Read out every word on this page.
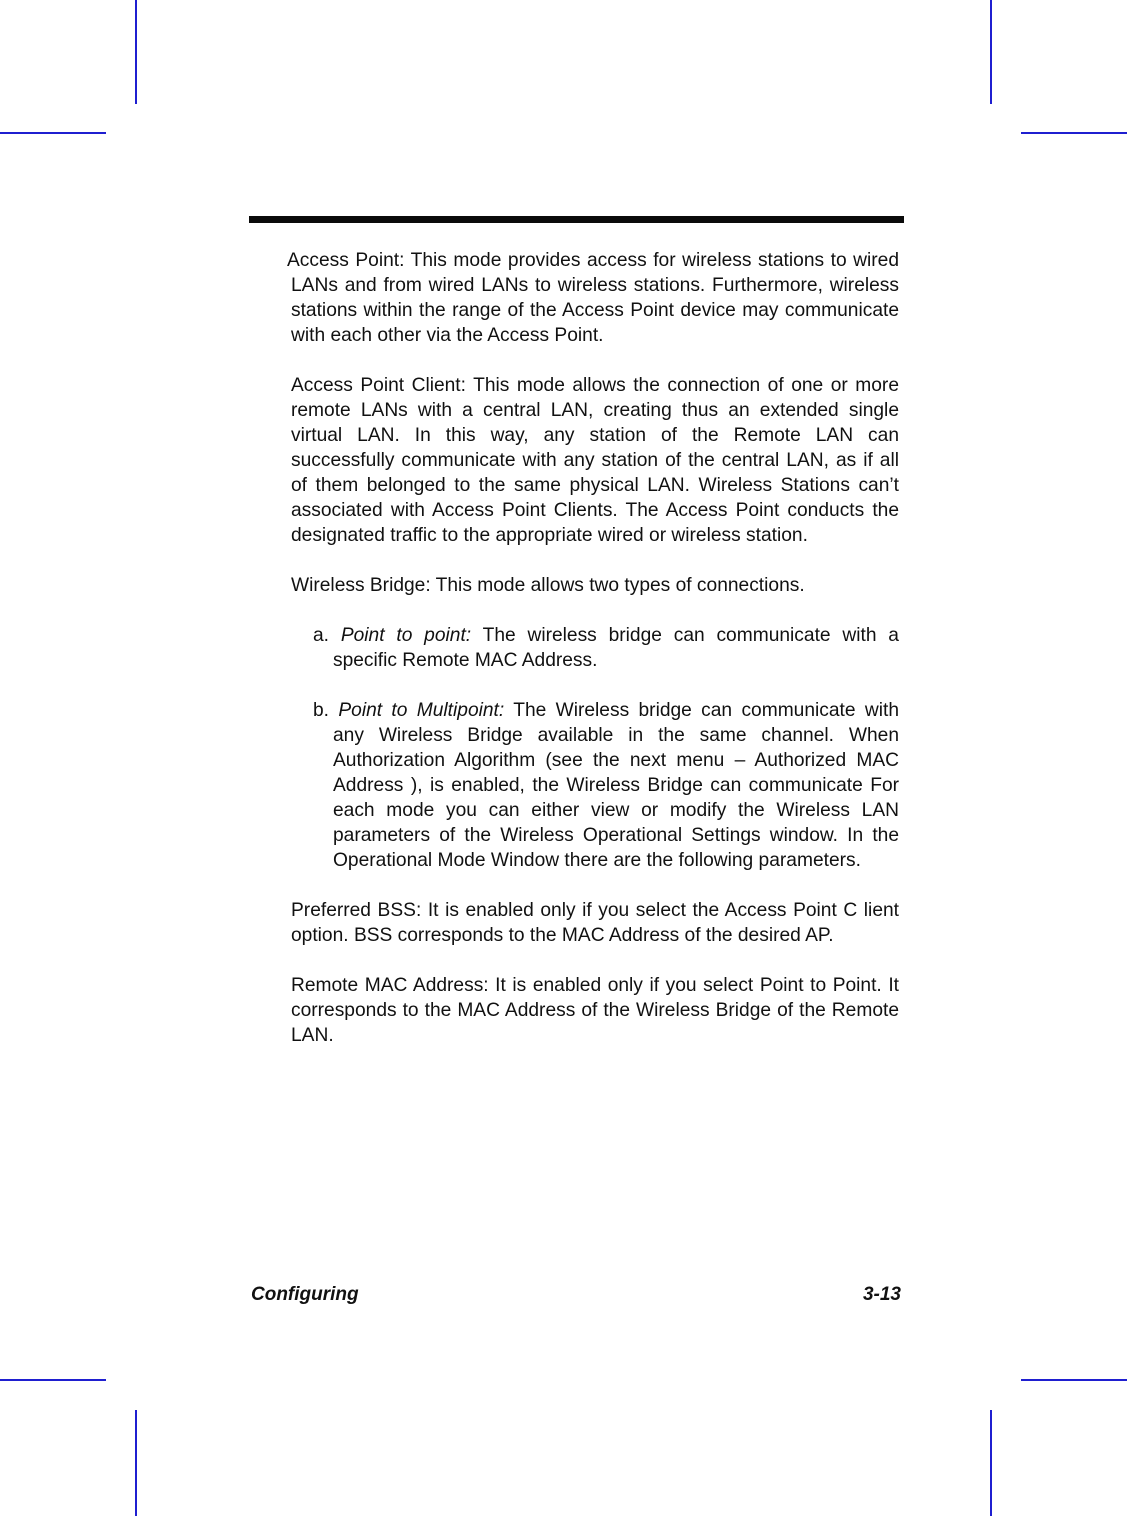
Access Point: This mode provides access for wireless stations to wired LANs and from wired LANs to wireless stations. Furthermore, wireless stations within the range of the Access Point device may communicate with each other via the Access Point.

Access Point Client: This mode allows the connection of one or more remote LANs with a central LAN, creating thus an extended single virtual LAN. In this way, any station of the Remote LAN can successfully communicate with any station of the central LAN, as if all of them belonged to the same physical LAN. Wireless Stations can’t associated with Access Point Clients. The Access Point conducts the designated traffic to the appropriate wired or wireless station.

Wireless Bridge: This mode allows two types of connections.

a. Point to point: The wireless bridge can communicate with a specific Remote MAC Address.

b. Point to Multipoint: The Wireless bridge can communicate with any Wireless Bridge available in the same channel. When Authorization Algorithm (see the next menu – Authorized MAC Address ), is enabled, the Wireless Bridge can communicate For each mode you can either view or modify the Wireless LAN parameters of the Wireless Operational Settings window. In the Operational Mode Window there are the following parameters.

Preferred BSS: It is enabled only if you select the Access Point C lient option. BSS corresponds to the MAC Address of the desired AP.

Remote MAC Address: It is enabled only if you select Point to Point. It corresponds to the MAC Address of the Wireless Bridge of the Remote LAN.

Configuring	3-13
